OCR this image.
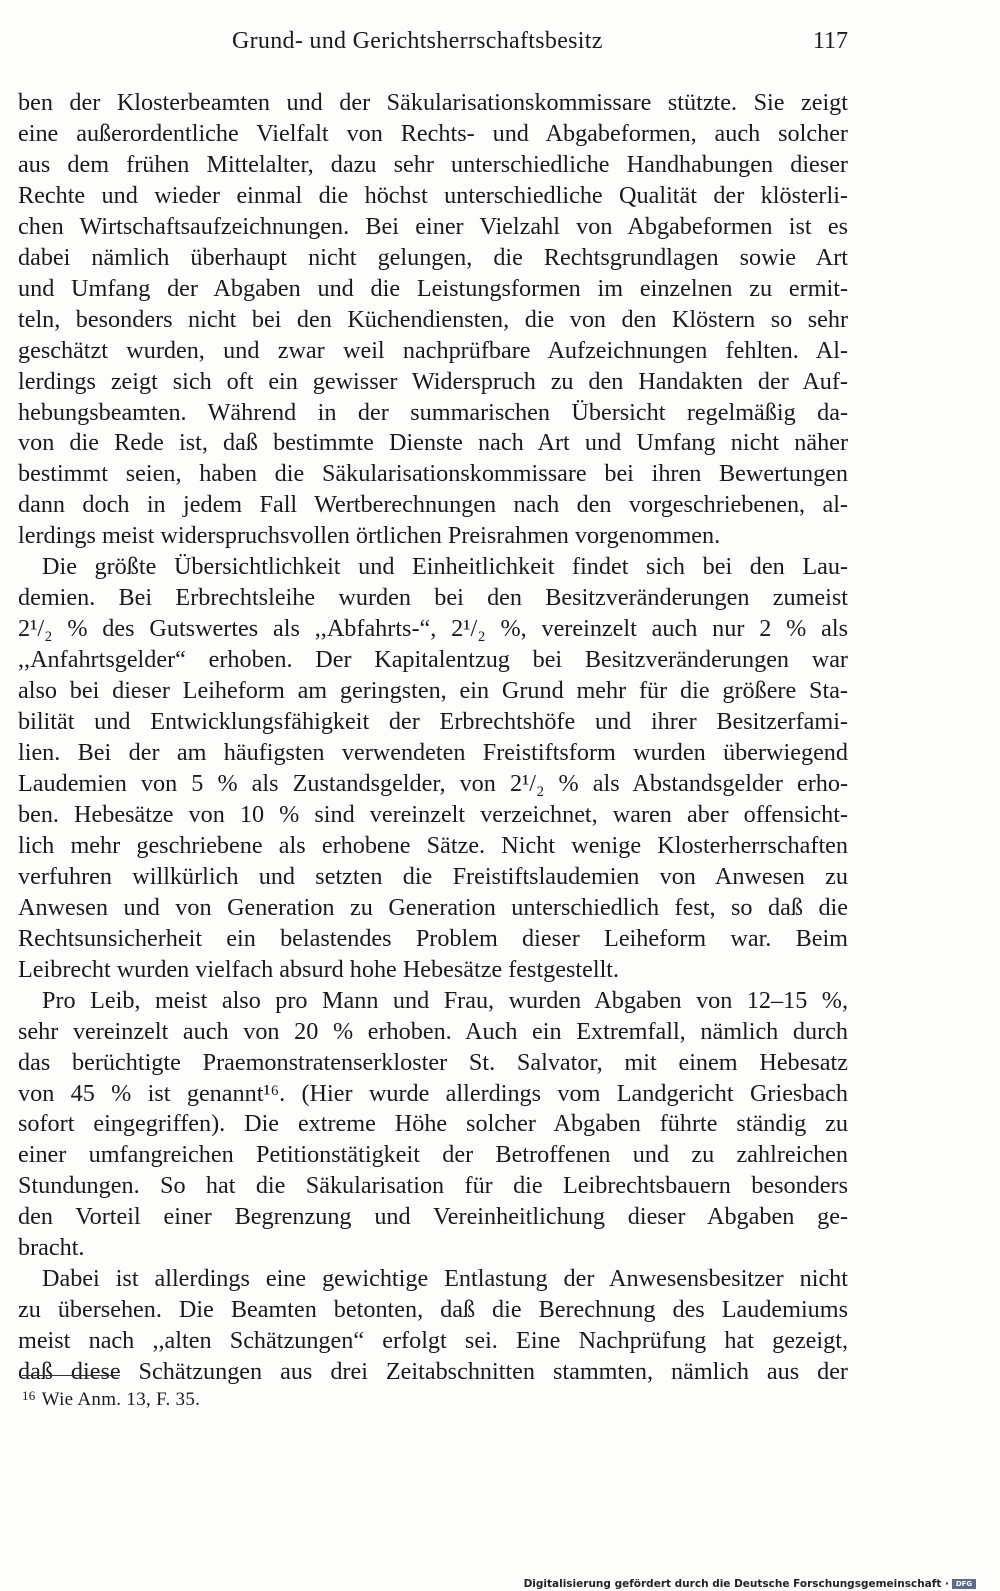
Grund- und Gerichtsherrschaftsbesitz	117

ben der Klosterbeamten und der Säkularisationskommissare stützte. Sie zeigt
eine außerordentliche Vielfalt von Rechts- und Abgabeformen, auch solcher
aus dem frühen Mittelalter, dazu sehr unterschiedliche Handhabungen dieser
Rechte und wieder einmal die höchst unterschiedliche Qualität der klösterli-
chen Wirtschaftsaufzeichnungen. Bei einer Vielzahl von Abgabeformen ist es
dabei nämlich überhaupt nicht gelungen, die Rechtsgrundlagen sowie Art
und Umfang der Abgaben und die Leistungsformen im einzelnen zu ermit-
teln, besonders nicht bei den Küchendiensten, die von den Klöstern so sehr
geschätzt wurden, und zwar weil nachprüfbare Aufzeichnungen fehlten. Al-
lerdings zeigt sich oft ein gewisser Widerspruch zu den Handakten der Auf-
hebungsbeamten. Während in der summarischen Übersicht regelmäßig da-
von die Rede ist, daß bestimmte Dienste nach Art und Umfang nicht näher
bestimmt seien, haben die Säkularisationskommissare bei ihren Bewertungen
dann doch in jedem Fall Wertberechnungen nach den vorgeschriebenen, al-
lerdings meist widerspruchsvollen örtlichen Preisrahmen vorgenommen.

Die größte Übersichtlichkeit und Einheitlichkeit findet sich bei den Lau-
demien. Bei Erbrechtsleihe wurden bei den Besitzveränderungen zumeist
2¹/₂ % des Gutswertes als ,,Abfahrts-“, 2¹/₂ %, vereinzelt auch nur 2 % als
,,Anfahrtsgelder“ erhoben. Der Kapitalentzug bei Besitzveränderungen war
also bei dieser Leiheform am geringsten, ein Grund mehr für die größere Sta-
bilität und Entwicklungsfähigkeit der Erbrechtshöfe und ihrer Besitzerfami-
lien. Bei der am häufigsten verwendeten Freistiftsform wurden überwiegend
Laudemien von 5 % als Zustandsgelder, von 2¹/₂ % als Abstandsgelder erho-
ben. Hebesätze von 10 % sind vereinzelt verzeichnet, waren aber offensicht-
lich mehr geschriebene als erhobene Sätze. Nicht wenige Klosterherrschaften
verfuhren willkürlich und setzten die Freistiftslaudemien von Anwesen zu
Anwesen und von Generation zu Generation unterschiedlich fest, so daß die
Rechtsunsicherheit ein belastendes Problem dieser Leiheform war. Beim
Leibrecht wurden vielfach absurd hohe Hebesätze festgestellt.

Pro Leib, meist also pro Mann und Frau, wurden Abgaben von 12–15 %,
sehr vereinzelt auch von 20 % erhoben. Auch ein Extremfall, nämlich durch
das berüchtigte Praemonstratenserkloster St. Salvator, mit einem Hebesatz
von 45 % ist genannt¹⁶. (Hier wurde allerdings vom Landgericht Griesbach
sofort eingegriffen). Die extreme Höhe solcher Abgaben führte ständig zu
einer umfangreichen Petitionstätigkeit der Betroffenen und zu zahlreichen
Stundungen. So hat die Säkularisation für die Leibrechtsbauern besonders
den Vorteil einer Begrenzung und Vereinheitlichung dieser Abgaben ge-
bracht.

Dabei ist allerdings eine gewichtige Entlastung der Anwesensbesitzer nicht
zu übersehen. Die Beamten betonten, daß die Berechnung des Laudemiums
meist nach ,,alten Schätzungen“ erfolgt sei. Eine Nachprüfung hat gezeigt,
daß diese Schätzungen aus drei Zeitabschnitten stammten, nämlich aus der

$^{16}$ Wie Anm. 13, F. 35.
Digitalisierung gefördert durch die Deutsche Forschungsgemeinschaft · DFG
